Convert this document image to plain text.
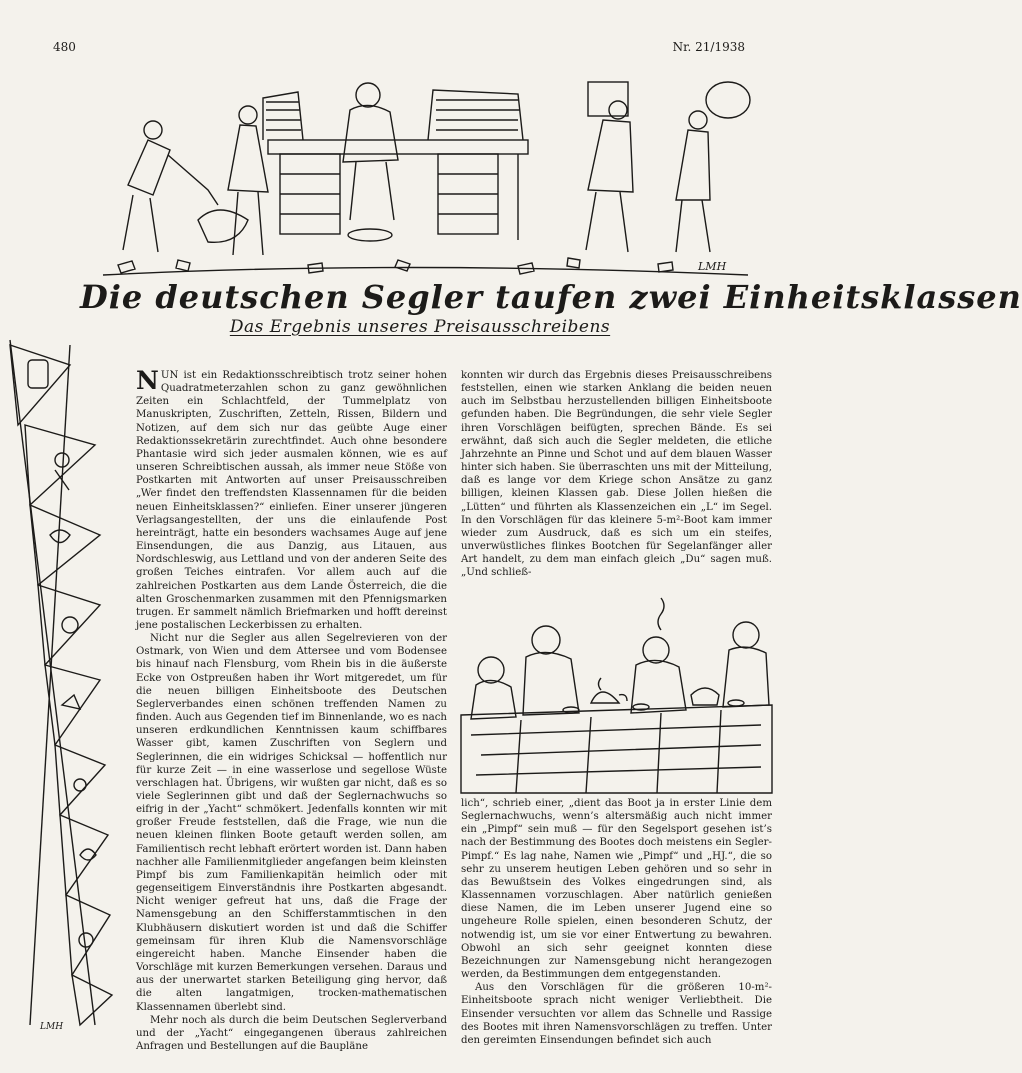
480	Nr. 21/1938
LMH
Die deutschen Segler taufen zwei Einheitsklassen
Das Ergebnis unseres Preisausschreibens
LMH

NUN ist ein Redaktionsschreibtisch trotz seiner hohen Quadratmeterzahlen schon zu ganz gewöhnlichen Zeiten ein Schlachtfeld, der Tummelplatz von Manuskripten, Zuschriften, Zetteln, Rissen, Bildern und Notizen, auf dem sich nur das geübte Auge einer Redaktionssekretärin zurechtfindet. Auch ohne besondere Phantasie wird sich jeder ausmalen können, wie es auf unseren Schreibtischen aussah, als immer neue Stöße von Postkarten mit Antworten auf unser Preisausschreiben „Wer findet den treffendsten Klassennamen für die beiden neuen Einheitsklassen?“ einliefen. Einer unserer jüngeren Verlagsangestellten, der uns die einlaufende Post hereinträgt, hatte ein besonders wachsames Auge auf jene Einsendungen, die aus Danzig, aus Litauen, aus Nordschleswig, aus Lettland und von der anderen Seite des großen Teiches eintrafen. Vor allem auch auf die zahlreichen Postkarten aus dem Lande Österreich, die die alten Groschenmarken zusammen mit den Pfennigsmarken trugen. Er sammelt nämlich Briefmarken und hofft dereinst jene postalischen Leckerbissen zu erhalten.

Nicht nur die Segler aus allen Segelrevieren von der Ostmark, von Wien und dem Attersee und vom Bodensee bis hinauf nach Flensburg, vom Rhein bis in die äußerste Ecke von Ostpreußen haben ihr Wort mitgeredet, um für die neuen billigen Einheitsboote des Deutschen Seglerverbandes einen schönen treffenden Namen zu finden. Auch aus Gegenden tief im Binnenlande, wo es nach unseren erdkundlichen Kenntnissen kaum schiffbares Wasser gibt, kamen Zuschriften von Seglern und Seglerinnen, die ein widriges Schicksal — hoffentlich nur für kurze Zeit — in eine wasserlose und segellose Wüste verschlagen hat. Übrigens, wir wußten gar nicht, daß es so viele Seglerinnen gibt und daß der Seglernachwuchs so eifrig in der „Yacht“ schmökert. Jedenfalls konnten wir mit großer Freude feststellen, daß die Frage, wie nun die neuen kleinen flinken Boote getauft werden sollen, am Familientisch recht lebhaft erörtert worden ist. Dann haben nachher alle Familienmitglieder angefangen beim kleinsten Pimpf bis zum Familienkapitän heimlich oder mit gegenseitigem Einverständnis ihre Postkarten abgesandt. Nicht weniger gefreut hat uns, daß die Frage der Namensgebung an den Schifferstammtischen in den Klubhäusern diskutiert worden ist und daß die Schiffer gemeinsam für ihren Klub die Namensvorschläge eingereicht haben. Manche Einsender haben die Vorschläge mit kurzen Bemerkungen versehen. Daraus und aus der unerwartet starken Beteiligung ging hervor, daß die alten langatmigen, trocken-mathematischen Klassennamen überlebt sind.

Mehr noch als durch die beim Deutschen Seglerverband und der „Yacht“ eingegangenen überaus zahlreichen Anfragen und Bestellungen auf die Baupläne

konnten wir durch das Ergebnis dieses Preisausschreibens feststellen, einen wie starken Anklang die beiden neuen auch im Selbstbau herzustellenden billigen Einheitsboote gefunden haben. Die Begründungen, die sehr viele Segler ihren Vorschlägen beifügten, sprechen Bände. Es sei erwähnt, daß sich auch die Segler meldeten, die etliche Jahrzehnte an Pinne und Schot und auf dem blauen Wasser hinter sich haben. Sie überraschten uns mit der Mitteilung, daß es lange vor dem Kriege schon Ansätze zu ganz billigen, kleinen Klassen gab. Diese Jollen hießen die „Lütten“ und führten als Klassenzeichen ein „L“ im Segel. In den Vorschlägen für das kleinere 5-m²-Boot kam immer wieder zum Ausdruck, daß es sich um ein steifes, unverwüstliches flinkes Bootchen für Segelanfänger aller Art handelt, zu dem man einfach gleich „Du“ sagen muß. „Und schließ-

lich“, schrieb einer, „dient das Boot ja in erster Linie dem Seglernachwuchs, wenn’s altersmäßig auch nicht immer ein „Pimpf“ sein muß — für den Segelsport gesehen ist’s nach der Bestimmung des Bootes doch meistens ein Segler-Pimpf.“ Es lag nahe, Namen wie „Pimpf“ und „HJ.“, die so sehr zu unserem heutigen Leben gehören und so sehr in das Bewußtsein des Volkes eingedrungen sind, als Klassennamen vorzuschlagen. Aber natürlich genießen diese Namen, die im Leben unserer Jugend eine so ungeheure Rolle spielen, einen besonderen Schutz, der notwendig ist, um sie vor einer Entwertung zu bewahren. Obwohl an sich sehr geeignet konnten diese Bezeichnungen zur Namensgebung nicht herangezogen werden, da Bestimmungen dem entgegenstanden.

Aus den Vorschlägen für die größeren 10-m²-Einheitsboote sprach nicht weniger Verliebtheit. Die Einsender versuchten vor allem das Schnelle und Rassige des Bootes mit ihren Namensvorschlägen zu treffen. Unter den gereimten Einsendungen befindet sich auch
